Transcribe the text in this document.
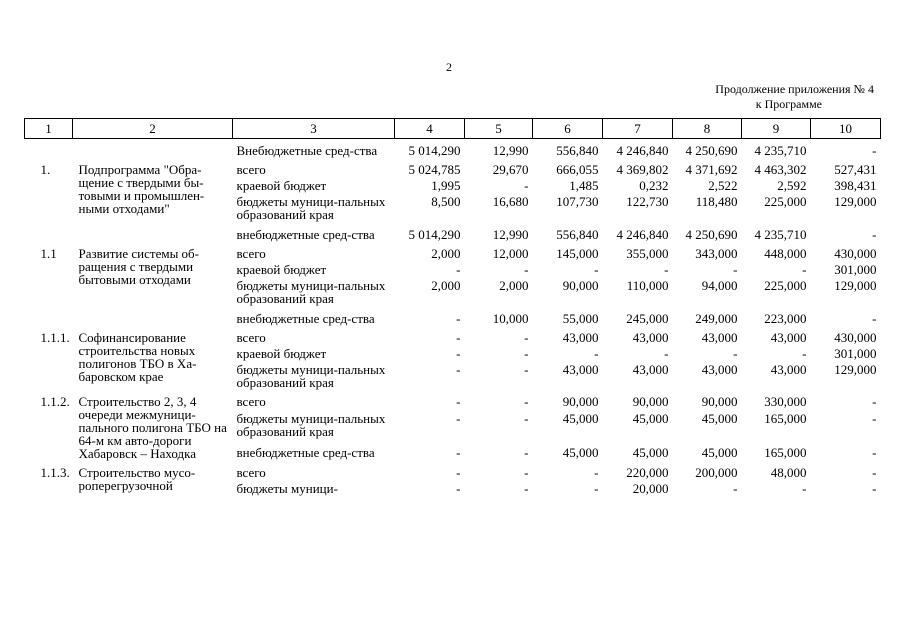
2
Продолжение приложения № 4
к Программе
1	2	3	4	5	6	7	8	9	10
		Внебюджетные сред-ства	5 014,290	12,990	556,840	4 246,840	4 250,690	4 235,710	-
1.	Подпрограмма "Обра-щение с твердыми бы-товыми и промышлен-ными отходами"	всего	5 024,785	29,670	666,055	4 369,802	4 371,692	4 463,302	527,431
		краевой бюджет	1,995	-	1,485	0,232	2,522	2,592	398,431
		бюджеты муници-пальных образований края	8,500	16,680	107,730	122,730	118,480	225,000	129,000
		внебюджетные сред-ства	5 014,290	12,990	556,840	4 246,840	4 250,690	4 235,710	-
1.1	Развитие системы об-ращения с твердыми бытовыми отходами	всего	2,000	12,000	145,000	355,000	343,000	448,000	430,000
		краевой бюджет	-	-	-	-	-	-	301,000
		бюджеты муници-пальных образований края	2,000	2,000	90,000	110,000	94,000	225,000	129,000
		внебюджетные сред-ства	-	10,000	55,000	245,000	249,000	223,000	-
1.1.1.	Софинансирование строительства новых полигонов ТБО в Ха-баровском крае	всего	-	-	43,000	43,000	43,000	43,000	430,000
		краевой бюджет	-	-	-	-	-	-	301,000
		бюджеты муници-пальных образований края	-	-	43,000	43,000	43,000	43,000	129,000
1.1.2.	Строительство 2, 3, 4 очереди межмуници-пального полигона ТБО на 64-м км авто-дороги Хабаровск – Находка	всего	-	-	90,000	90,000	90,000	330,000	-
		бюджеты муници-пальных образований края	-	-	45,000	45,000	45,000	165,000	-
		внебюджетные сред-ства	-	-	45,000	45,000	45,000	165,000	-
1.1.3.	Строительство мусо-роперегрузочной	всего	-	-	-	220,000	200,000	48,000	-
		бюджеты муници-	-	-	-	20,000	-	-	-
